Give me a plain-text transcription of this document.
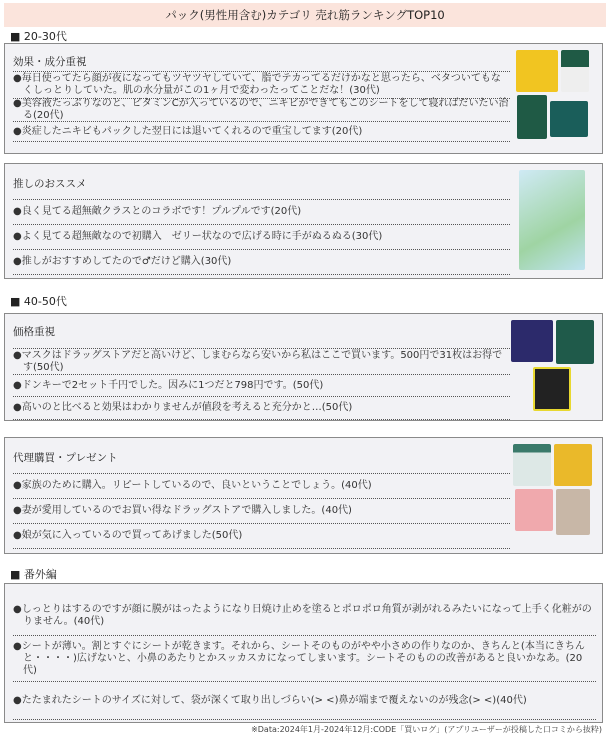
パック(男性用含む)カテゴリ 売れ筋ランキングTOP10
■ 20-30代
効果・成分重視
●毎日使ってたら顔が夜になってもツヤツヤしていて、脂でテカってるだけかなと思ったら、ベタついてもなくしっとりしていた。肌の水分量がこの1ヶ月で変わったってことだな！(30代)
●美容液たっぷりなのと、ビタミンCが入っているので、ニキビができてもこのシートをして寝ればだいたい治る(20代)
●炎症したニキビもパックした翌日には退いてくれるので重宝してます(20代)
推しのおススメ
●良く見てる超無敵クラスとのコラボです！プルプルです(20代)
●よく見てる超無敵なので初購入　ゼリー状なので広げる時に手がぬるぬる(30代)
●推しがおすすめしてたので♂だけど購入(30代)
■ 40-50代
価格重視
●マスクはドラッグストアだと高いけど、しまむらなら安いから私はここで買います。500円で31枚はお得です(50代)
●ドンキーで2セット千円でした。因みに1つだと798円です。(50代)
●高いのと比べると効果はわかりませんが値段を考えると充分かと…(50代)
代理購買・プレゼント
●家族のために購入。リピートしているので、良いということでしょう。(40代)
●妻が愛用しているのでお買い得なドラッグストアで購入しました。(40代)
●娘が気に入っているので買ってあげました(50代)
■ 番外編
●しっとりはするのですが顔に膜がはったようになり日焼け止めを塗るとポロポロ角質が剥がれるみたいになって上手く化粧がのりません。(40代)
●シートが薄い。割とすぐにシートが乾きます。それから、シートそのものがやや小さめの作りなのか、きちんと(本当にきちんと・・・・)広げないと、小鼻のあたりとかスッカスカになってしまいます。シートそのものの改善があると良いかなあ。(20代)
●たたまれたシートのサイズに対して、袋が深くて取り出しづらい(> <)鼻が端まで覆えないのが残念(> <)(40代)
※Data:2024年1月-2024年12月:CODE「買いログ」(アプリユーザーが投稿した口コミから抜粋)
